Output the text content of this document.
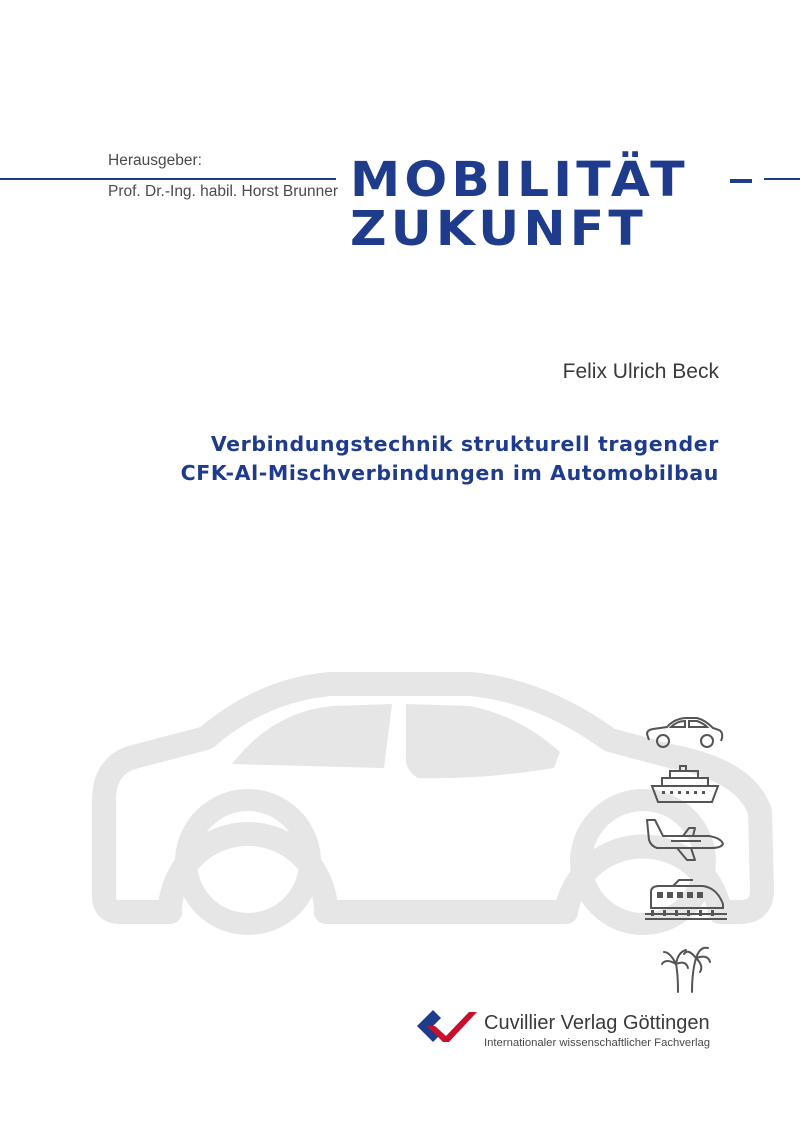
Herausgeber:
Prof. Dr.-Ing. habil. Horst Brunner MOBILITÄT
ZUKUNFT
Felix Ulrich Beck
Verbindungstechnik strukturell tragender
CFK-Al-Mischverbindungen im Automobilbau
Cuvillier Verlag Göttingen
Internationaler wissenschaftlicher Fachverlag
